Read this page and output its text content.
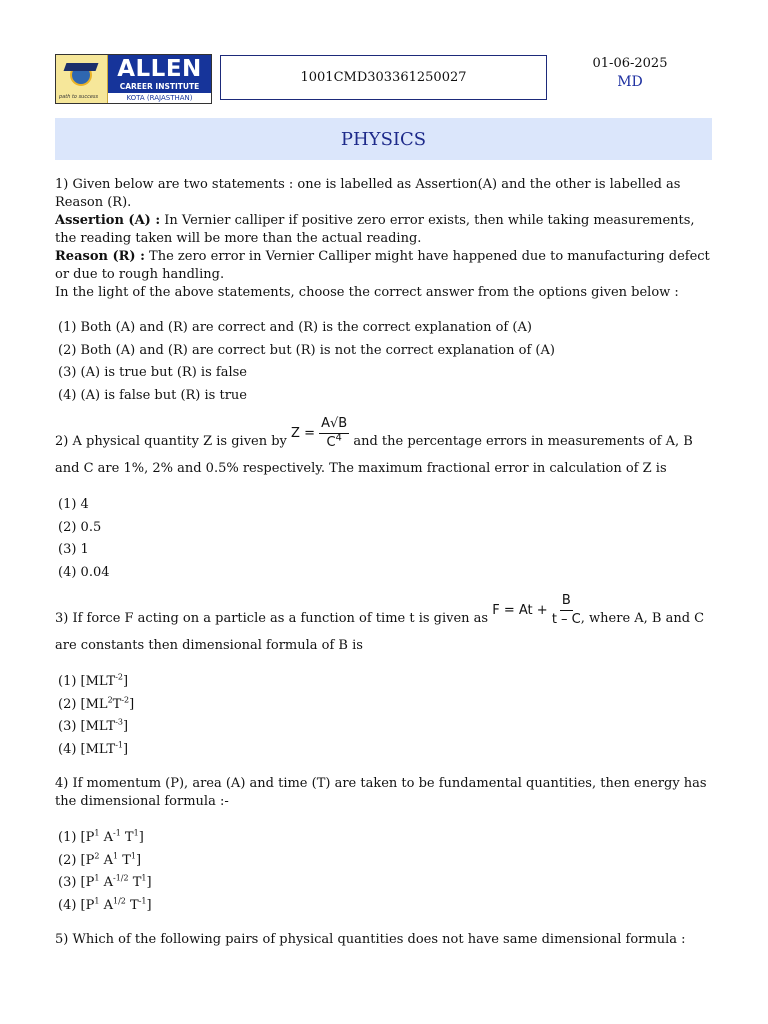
path to success
ALLEN
CAREER INSTITUTE
KOTA (RAJASTHAN)
1001CMD303361250027
01-06-2025
MD
PHYSICS

1) Given below are two statements : one is labelled as Assertion(A) and the other is labelled as Reason (R).

Assertion (A) : In Vernier calliper if positive zero error exists, then while taking measurements, the reading taken will be more than the actual reading.

Reason (R) : The zero error in Vernier Calliper might have happened due to manufacturing defect or due to rough handling.

In the light of the above statements, choose the correct answer from the options given below :

(1) Both (A) and (R) are correct and (R) is the correct explanation of (A)
(2) Both (A) and (R) are correct but (R) is not the correct explanation of (A)
(3) (A) is true but (R) is false
(4) (A) is false but (R) is true

2) A physical quantity Z is given by $Z = \frac{A√B}{C^4}$ and the percentage errors in measurements of A, B and C are 1%, 2% and 0.5% respectively. The maximum fractional error in calculation of Z is

(1) 4
(2) 0.5
(3) 1
(4) 0.04

3) If force F acting on a particle as a function of time t is given as $F = At + \frac{B}{t - C}$ , where A, B and C are constants then dimensional formula of B is

(1) $[MLT^{-2}]$
(2) $[ML^2T^{-2}]$
(3) $[MLT^{-3}]$
(4) $[MLT^{-1}]$

4) If momentum (P), area (A) and time (T) are taken to be fundamental quantities, then energy has the dimensional formula :-

(1) [$P^1$ $A^{-1}$ $T^1$]
(2) [$P^2$ $A^1$ $T^1$]
(3) [$P^1$ $A^{-1/2}$ $T^1$]
(4) [$P^1$ $A^{1/2}$ $T^{-1}$]

5) Which of the following pairs of physical quantities does not have same dimensional formula :
